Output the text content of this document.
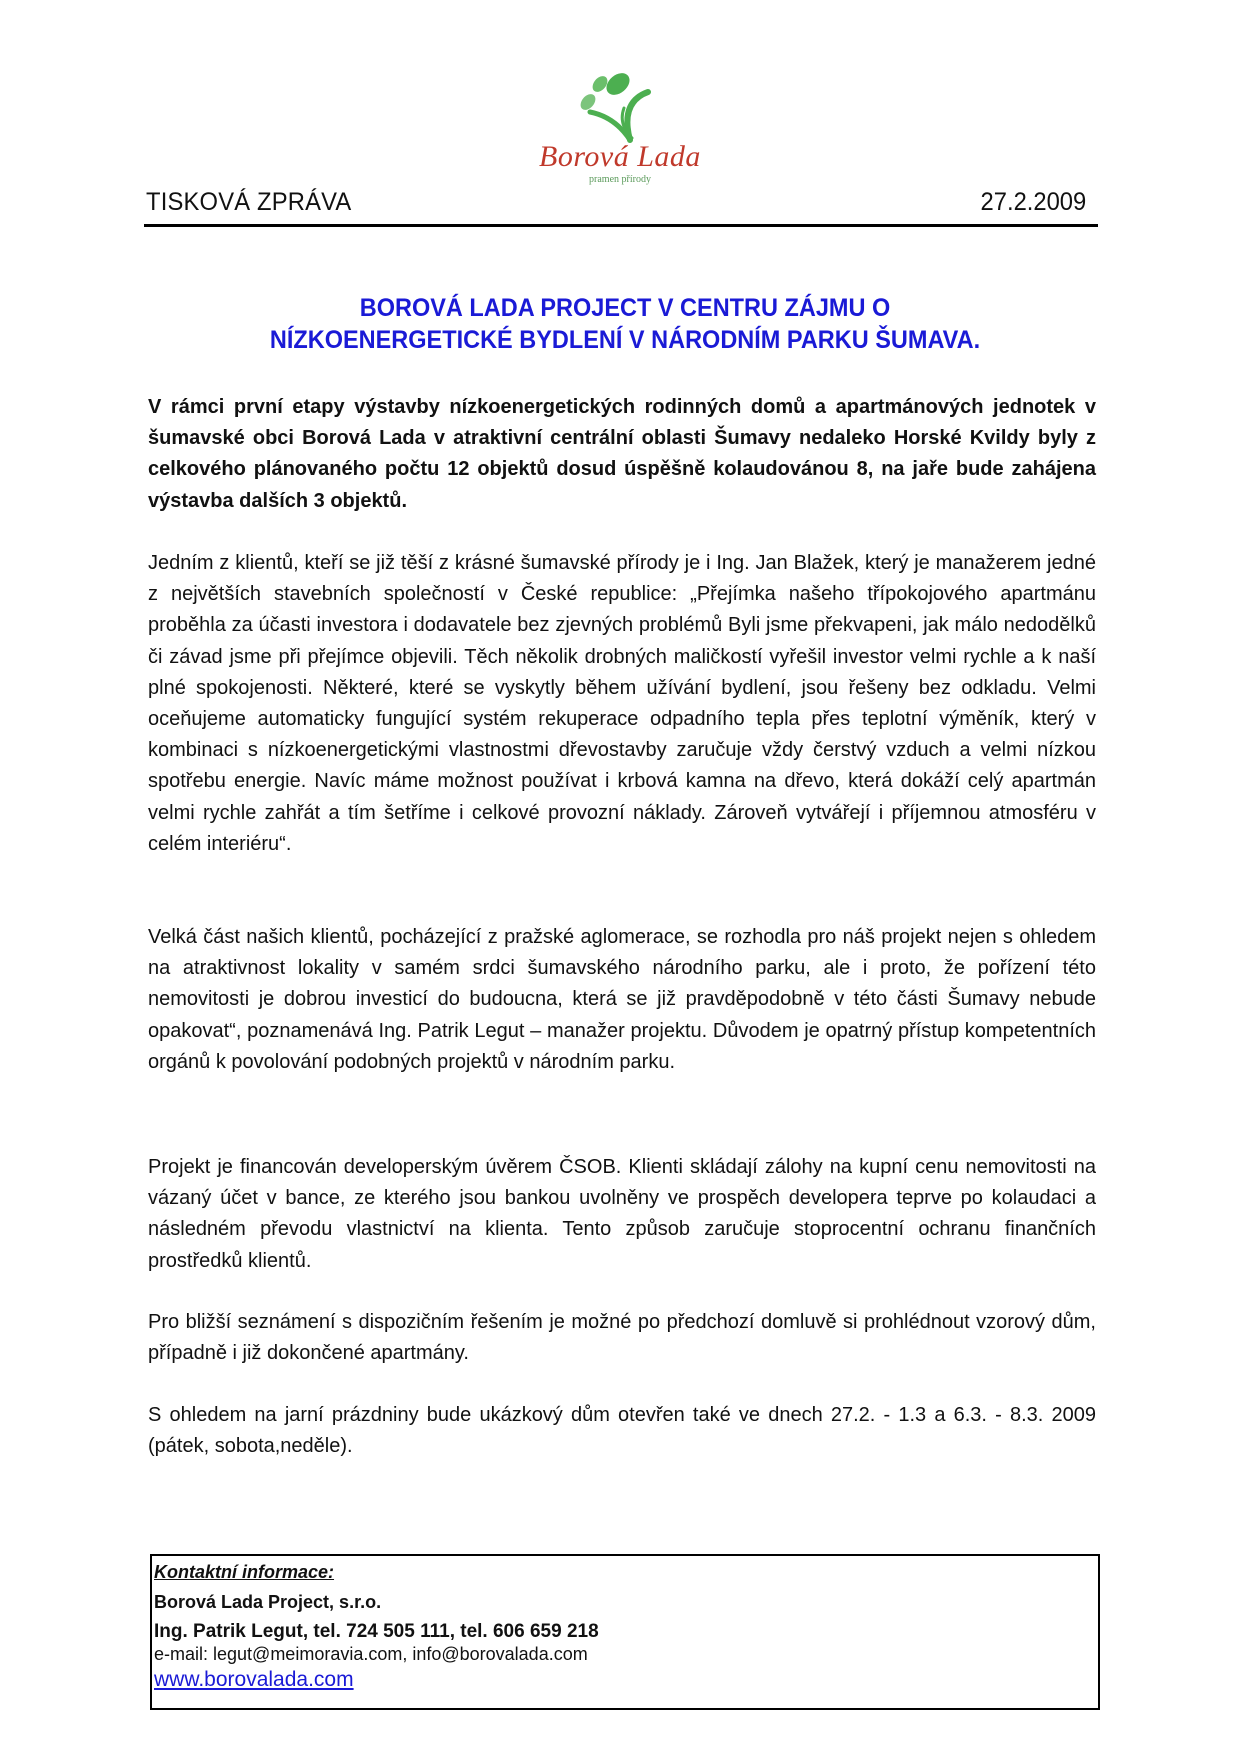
Borová Lada
pramen přírody
TISKOVÁ ZPRÁVA	27.2.2009
BOROVÁ LADA PROJECT V CENTRU ZÁJMU O
NÍZKOENERGETICKÉ BYDLENÍ V NÁRODNÍM PARKU ŠUMAVA.
V rámci první etapy výstavby nízkoenergetických rodinných domů a apartmánových jednotek v šumavské obci Borová Lada v atraktivní centrální oblasti Šumavy nedaleko Horské Kvildy byly z celkového plánovaného počtu 12 objektů dosud úspěšně kolaudovánou 8, na jaře bude zahájena výstavba dalších 3 objektů.
Jedním z klientů, kteří se již těší z krásné šumavské přírody je i Ing. Jan Blažek, který je manažerem jedné z největších stavebních společností v České republice: „Přejímka našeho třípokojového apartmánu proběhla za účasti investora i dodavatele bez zjevných problémů Byli jsme překvapeni, jak málo nedodělků či závad jsme při přejímce objevili. Těch několik drobných maličkostí vyřešil investor velmi rychle a k naší plné spokojenosti. Některé, které se vyskytly během užívání bydlení, jsou řešeny bez odkladu. Velmi oceňujeme automaticky fungující systém rekuperace odpadního tepla přes teplotní výměník, který v kombinaci s nízkoenergetickými vlastnostmi dřevostavby zaručuje vždy čerstvý vzduch a velmi nízkou spotřebu energie. Navíc máme možnost používat i krbová kamna na dřevo, která dokáží celý apartmán velmi rychle zahřát a tím šetříme i celkové provozní náklady. Zároveň vytvářejí i příjemnou atmosféru v celém interiéru“.
Velká část našich klientů, pocházející z pražské aglomerace, se rozhodla pro náš projekt nejen s ohledem na atraktivnost lokality v samém srdci šumavského národního parku, ale i proto, že pořízení této nemovitosti je dobrou investicí do budoucna, která se již pravděpodobně v této části Šumavy nebude opakovat“, poznamenává Ing. Patrik Legut – manažer projektu. Důvodem je opatrný přístup kompetentních orgánů k povolování podobných projektů v národním parku.
Projekt je financován developerským úvěrem ČSOB. Klienti skládají zálohy na kupní cenu nemovitosti na vázaný účet v bance, ze kterého jsou bankou uvolněny ve prospěch developera teprve po kolaudaci a následném převodu vlastnictví na klienta. Tento způsob zaručuje stoprocentní ochranu finančních prostředků klientů.
Pro bližší seznámení s dispozičním řešením je možné po předchozí domluvě si prohlédnout vzorový dům, případně i již dokončené apartmány.
S ohledem na jarní prázdniny bude ukázkový dům otevřen také ve dnech 27.2. - 1.3 a 6.3. - 8.3. 2009 (pátek, sobota,neděle).
Kontaktní informace:
Borová Lada Project, s.r.o.
Ing. Patrik Legut, tel. 724 505 111, tel. 606 659 218
e-mail: legut@meimoravia.com, info@borovalada.com
www.borovalada.com
